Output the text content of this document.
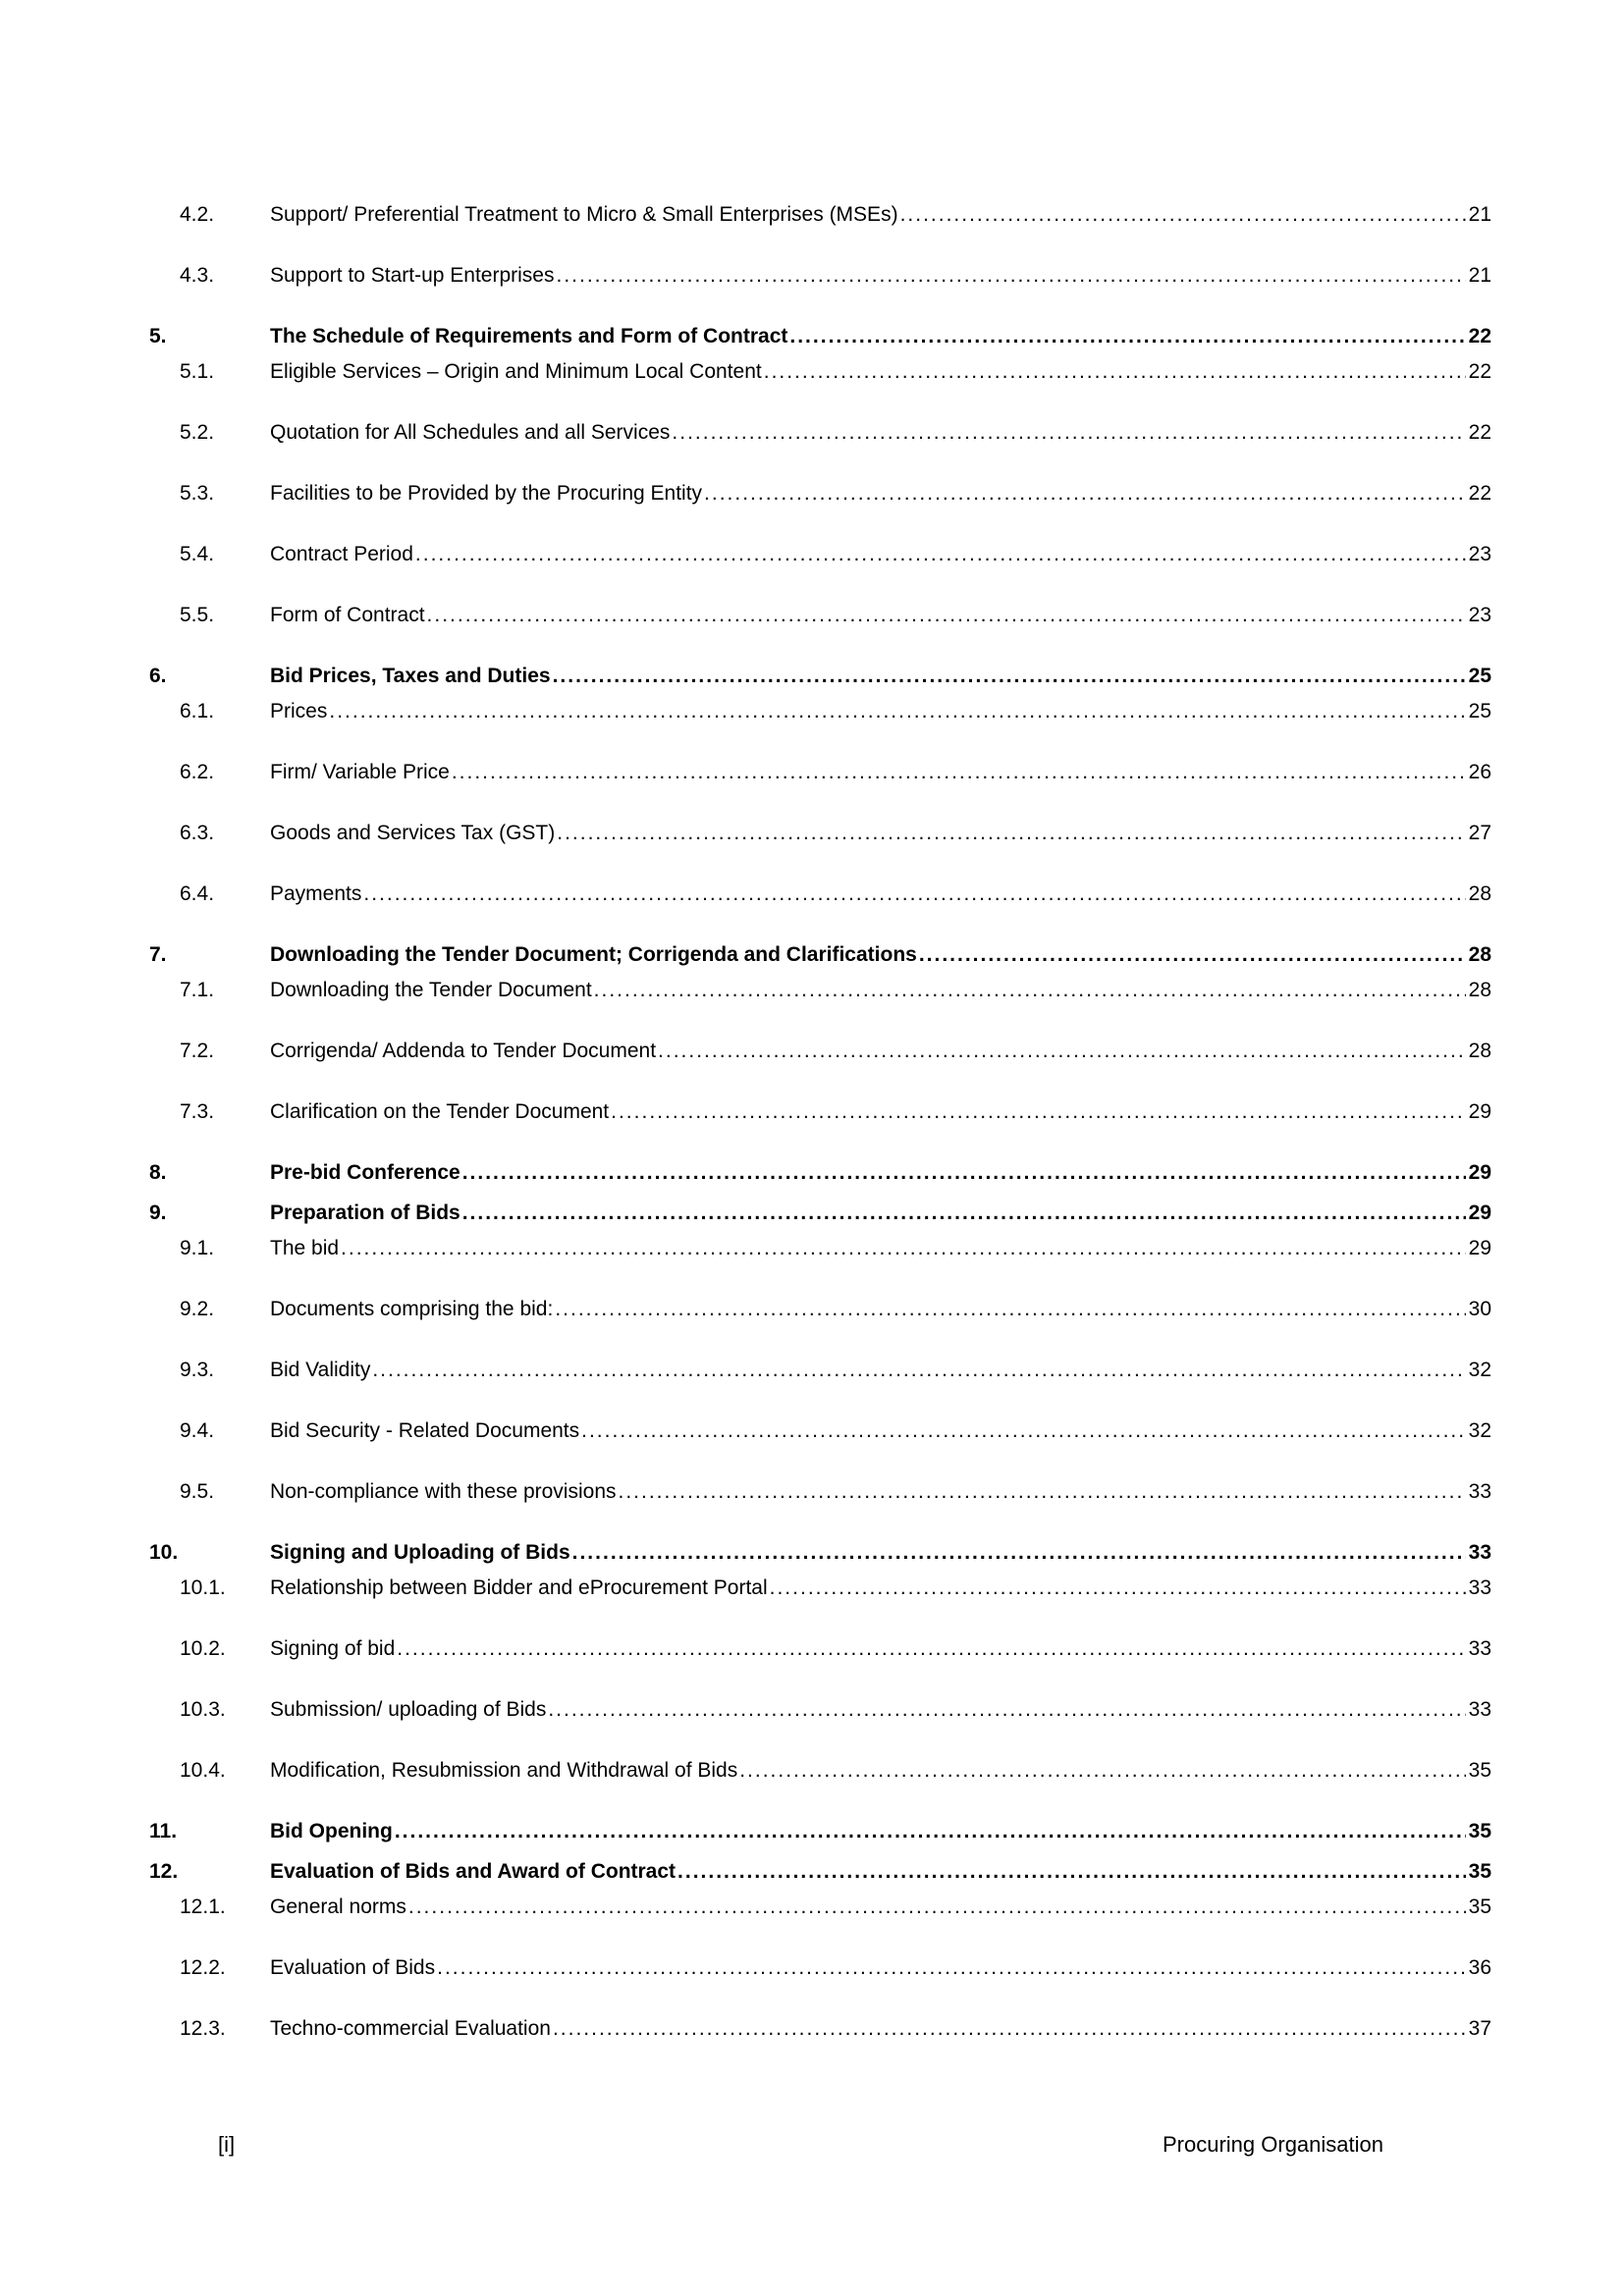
4.2.	Support/ Preferential Treatment to Micro & Small Enterprises (MSEs) .....	21
4.3.	Support to Start-up Enterprises .....	21
5.	The Schedule of Requirements and Form of Contract .....	22
5.1.	Eligible Services – Origin and Minimum Local Content .....	22
5.2.	Quotation for All Schedules and all Services .....	22
5.3.	Facilities to be Provided by the Procuring Entity .....	22
5.4.	Contract Period .....	23
5.5.	Form of Contract .....	23
6.	Bid Prices, Taxes and Duties .....	25
6.1.	Prices .....	25
6.2.	Firm/ Variable Price .....	26
6.3.	Goods and Services Tax (GST) .....	27
6.4.	Payments .....	28
7.	Downloading the Tender Document; Corrigenda and Clarifications .....	28
7.1.	Downloading the Tender Document .....	28
7.2.	Corrigenda/ Addenda to Tender Document .....	28
7.3.	Clarification on the Tender Document .....	29
8.	Pre-bid Conference .....	29
9.	Preparation of Bids .....	29
9.1.	The bid .....	29
9.2.	Documents comprising the bid: .....	30
9.3.	Bid Validity .....	32
9.4.	Bid Security - Related Documents .....	32
9.5.	Non-compliance with these provisions .....	33
10.	Signing and Uploading of Bids .....	33
10.1.	Relationship between Bidder and eProcurement Portal .....	33
10.2.	Signing of bid .....	33
10.3.	Submission/ uploading of Bids .....	33
10.4.	Modification, Resubmission and Withdrawal of Bids .....	35
11.	Bid Opening .....	35
12.	Evaluation of Bids and Award of Contract .....	35
12.1.	General norms .....	35
12.2.	Evaluation of Bids .....	36
12.3.	Techno-commercial Evaluation .....	37
[i]	Procuring Organisation
